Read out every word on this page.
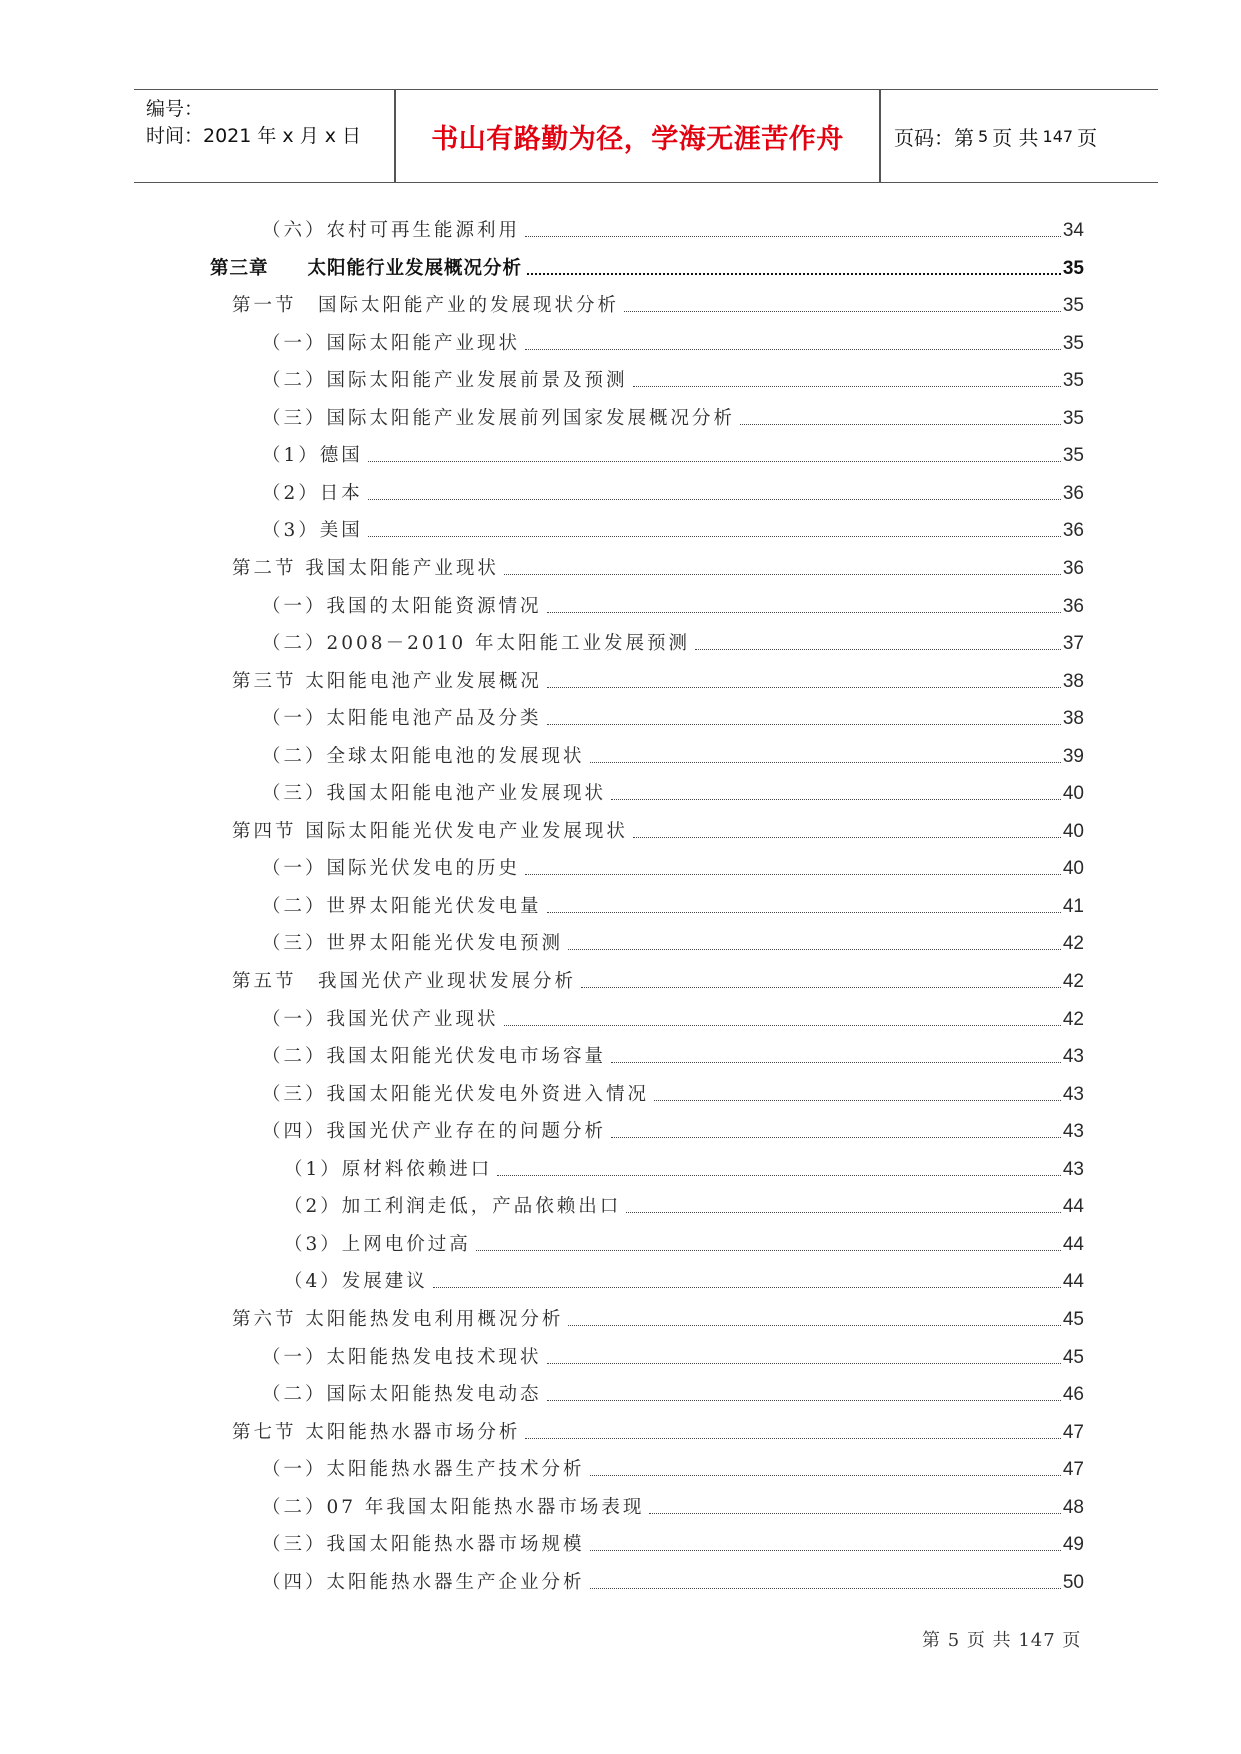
编号：
时间：2021 年 x 月 x 日	书山有路勤为径，学海无涯苦作舟	页码：第 5 页 共 147 页
（六）农村可再生能源利用	34
第三章　　太阳能行业发展概况分析	35
第一节　国际太阳能产业的发展现状分析	35
（一）国际太阳能产业现状	35
（二）国际太阳能产业发展前景及预测	35
（三）国际太阳能产业发展前列国家发展概况分析	35
（1）德国	35
（2）日本	36
（3）美国	36
第二节 我国太阳能产业现状	36
（一）我国的太阳能资源情况	36
（二）2008－2010 年太阳能工业发展预测	37
第三节 太阳能电池产业发展概况	38
（一）太阳能电池产品及分类	38
（二）全球太阳能电池的发展现状	39
（三）我国太阳能电池产业发展现状	40
第四节 国际太阳能光伏发电产业发展现状	40
（一）国际光伏发电的历史	40
（二）世界太阳能光伏发电量	41
（三）世界太阳能光伏发电预测	42
第五节　我国光伏产业现状发展分析	42
（一）我国光伏产业现状	42
（二）我国太阳能光伏发电市场容量	43
（三）我国太阳能光伏发电外资进入情况	43
（四）我国光伏产业存在的问题分析	43
（1）原材料依赖进口	43
（2）加工利润走低，产品依赖出口	44
（3）上网电价过高	44
（4）发展建议	44
第六节 太阳能热发电利用概况分析	45
（一）太阳能热发电技术现状	45
（二）国际太阳能热发电动态	46
第七节 太阳能热水器市场分析	47
（一）太阳能热水器生产技术分析	47
（二）07 年我国太阳能热水器市场表现	48
（三）我国太阳能热水器市场规模	49
（四）太阳能热水器生产企业分析	50
第 5 页 共 147 页
